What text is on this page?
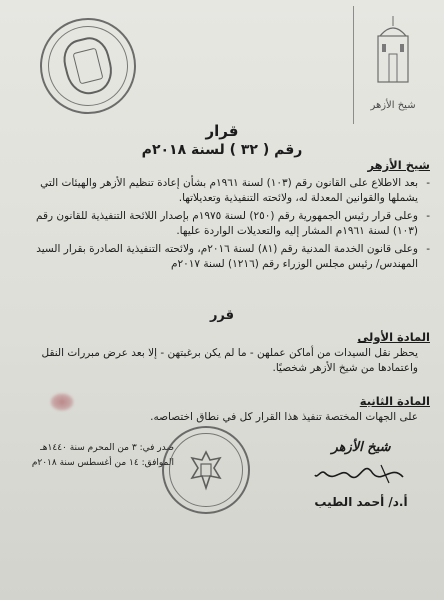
شيخ الأزهر
قرار
رقم ( ٣٢ ) لسنة ٢٠١٨م
شيخ الأزهر

- بعد الاطلاع على القانون رقم (١٠٣) لسنة ١٩٦١م بشأن إعادة تنظيم الأزهر والهيئات التي يشملها والقوانين المعدلة له، ولائحته التنفيذية وتعديلاتها.

- وعلى قرار رئيس الجمهورية رقم (٢٥٠) لسنة ١٩٧٥م بإصدار اللائحة التنفيذية للقانون رقم (١٠٣) لسنة ١٩٦١م المشار إليه والتعديلات الواردة عليها.

- وعلى قانون الخدمة المدنية رقم (٨١) لسنة ٢٠١٦م، ولائحته التنفيذية الصادرة بقرار السيد المهندس/ رئيس مجلس الوزراء رقم (١٢١٦) لسنة ٢٠١٧م

قرر
المادة الأولى
يحظر نقل السيدات من أماكن عملهن - ما لم يكن برغبتهن - إلا بعد عرض مبررات النقل واعتمادها من شيخ الأزهر شخصيًا.
المادة الثانية
على الجهات المختصة تنفيذ هذا القرار كل في نطاق اختصاصه.
صدر في: ٣ من المحرم سنة ١٤٤٠هـ
الموافق: ١٤ من أغسطس سنة ٢٠١٨م
شيخ الأزهر
أ.د/ أحمد الطيب
